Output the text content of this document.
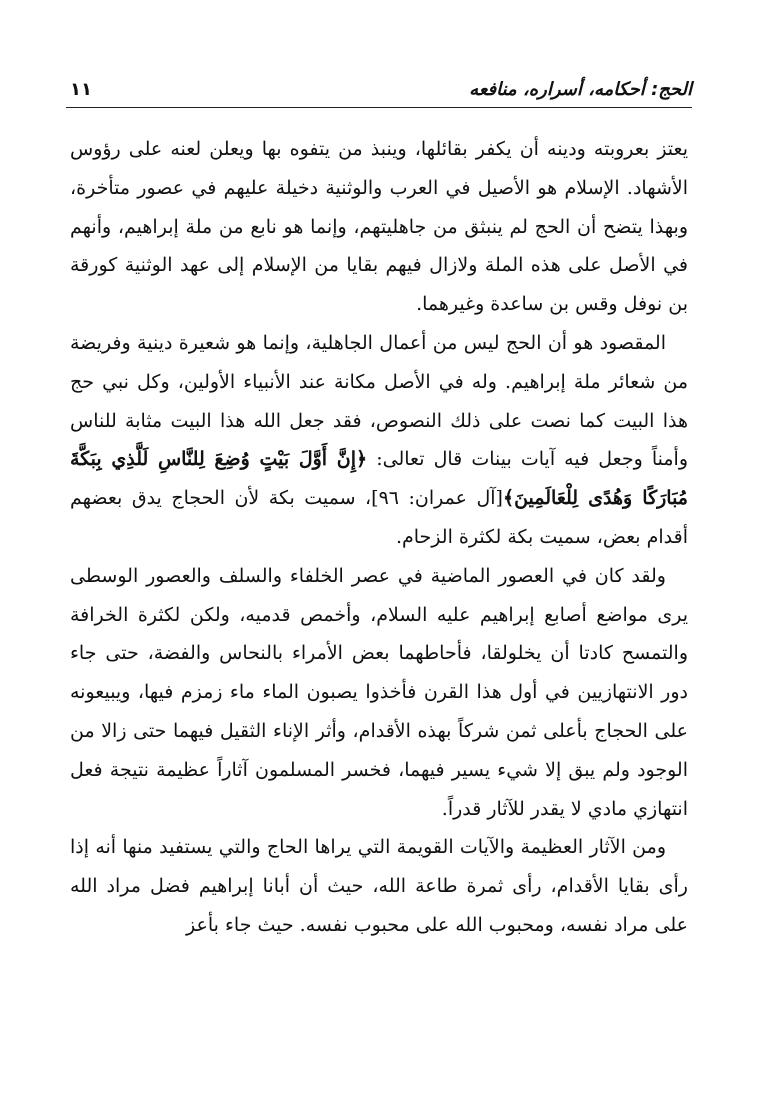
الحج: أحكامه، أسراره، منافعه
١١

يعتز بعروبته ودينه أن يكفر بقائلها، وينبذ من يتفوه بها ويعلن لعنه على رؤوس الأشهاد. الإسلام هو الأصيل في العرب والوثنية دخيلة عليهم في عصور متأخرة، وبهذا يتضح أن الحج لم ينبثق من جاهليتهم، وإنما هو نابع من ملة إبراهيم، وأنهم في الأصل على هذه الملة ولازال فيهم بقايا من الإسلام إلى عهد الوثنية كورقة بن نوفل وقس بن ساعدة وغيرهما.

المقصود هو أن الحج ليس من أعمال الجاهلية، وإنما هو شعيرة دينية وفريضة من شعائر ملة إبراهيم. وله في الأصل مكانة عند الأنبياء الأولين، وكل نبي حج هذا البيت كما نصت على ذلك النصوص، فقد جعل الله هذا البيت مثابة للناس وأمناً وجعل فيه آيات بينات قال تعالى: ﴿إِنَّ أَوَّلَ بَيْتٍ وُضِعَ لِلنَّاسِ لَلَّذِي بِبَكَّةَ مُبَارَكًا وَهُدًى لِلْعَالَمِينَ﴾[آل عمران: ٩٦]، سميت بكة لأن الحجاج يدق بعضهم أقدام بعض، سميت بكة لكثرة الزحام.

ولقد كان في العصور الماضية في عصر الخلفاء والسلف والعصور الوسطى يرى مواضع أصابع إبراهيم عليه السلام، وأخمص قدميه، ولكن لكثرة الخرافة والتمسح كادتا أن يخلولقا، فأحاطهما بعض الأمراء بالنحاس والفضة، حتى جاء دور الانتهازيين في أول هذا القرن فأخذوا يصبون الماء ماء زمزم فيها، ويبيعونه على الحجاج بأعلى ثمن شركاً بهذه الأقدام، وأثر الإناء الثقيل فيهما حتى زالا من الوجود ولم يبق إلا شيء يسير فيهما، فخسر المسلمون آثاراً عظيمة نتيجة فعل انتهازي مادي لا يقدر للآثار قدراً.

ومن الآثار العظيمة والآيات القويمة التي يراها الحاج والتي يستفيد منها أنه إذا رأى بقايا الأقدام، رأى ثمرة طاعة الله، حيث أن أبانا إبراهيم فضل مراد الله على مراد نفسه، ومحبوب الله على محبوب نفسه. حيث جاء بأعز
